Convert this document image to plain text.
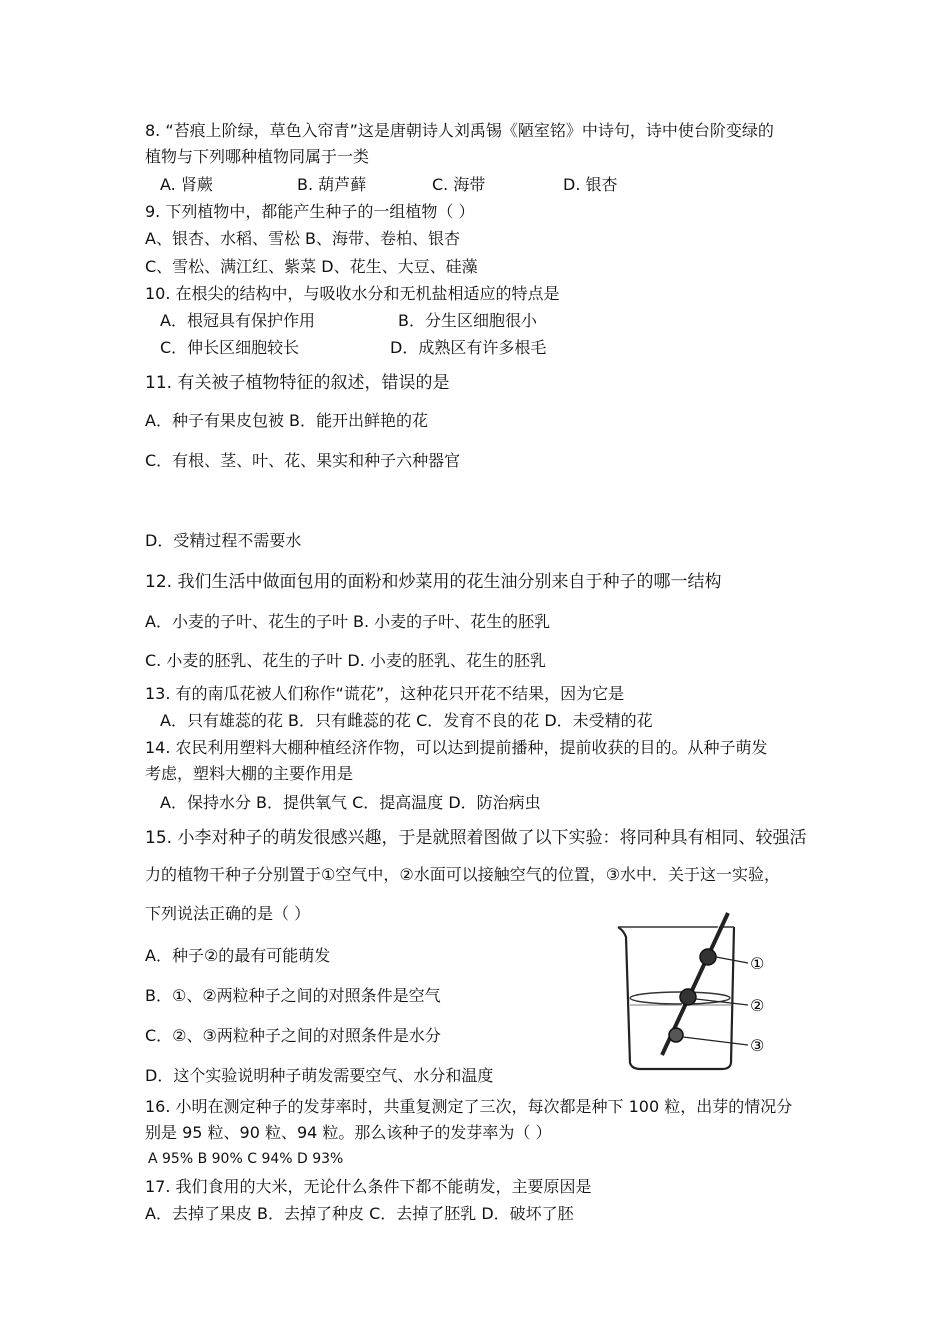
8. “苔痕上阶绿，草色入帘青”这是唐朝诗人刘禹锡《陋室铭》中诗句，诗中使台阶变绿的
植物与下列哪种植物同属于一类
A. 肾蕨	B. 葫芦藓	C. 海带	D. 银杏
9. 下列植物中，都能产生种子的一组植物（ ）
A、银杏、水稻、雪松 B、海带、卷柏、银杏
C、雪松、满江红、紫菜 D、花生、大豆、硅藻
10. 在根尖的结构中，与吸收水分和无机盐相适应的特点是
A．根冠具有保护作用	B．分生区细胞很小
C．伸长区细胞较长	D．成熟区有许多根毛
11. 有关被子植物特征的叙述，错误的是
A．种子有果皮包被 B．能开出鲜艳的花
C．有根、茎、叶、花、果实和种子六种器官
D．受精过程不需要水
12. 我们生活中做面包用的面粉和炒菜用的花生油分别来自于种子的哪一结构
A．小麦的子叶、花生的子叶 B. 小麦的子叶、花生的胚乳
C. 小麦的胚乳、花生的子叶 D. 小麦的胚乳、花生的胚乳
13. 有的南瓜花被人们称作“谎花”，这种花只开花不结果，因为它是
A．只有雄蕊的花 B．只有雌蕊的花 C．发育不良的花 D．未受精的花
14. 农民利用塑料大棚种植经济作物，可以达到提前播种，提前收获的目的。从种子萌发
考虑，塑料大棚的主要作用是
A．保持水分 B．提供氧气 C．提高温度 D．防治病虫
15. 小李对种子的萌发很感兴趣，于是就照着图做了以下实验：将同种具有相同、较强活
力的植物干种子分别置于①空气中，②水面可以接触空气的位置，③水中．关于这一实验，
下列说法正确的是（ ）
A．种子②的最有可能萌发
B．①、②两粒种子之间的对照条件是空气
C．②、③两粒种子之间的对照条件是水分
D．这个实验说明种子萌发需要空气、水分和温度
①
②
③
16. 小明在测定种子的发芽率时，共重复测定了三次，每次都是种下 100 粒，出芽的情况分
别是 95 粒、90 粒、94 粒。那么该种子的发芽率为（ ）
A 95% B 90% C 94% D 93%
17. 我们食用的大米，无论什么条件下都不能萌发，主要原因是
A．去掉了果皮 B．去掉了种皮 C．去掉了胚乳 D．破坏了胚
